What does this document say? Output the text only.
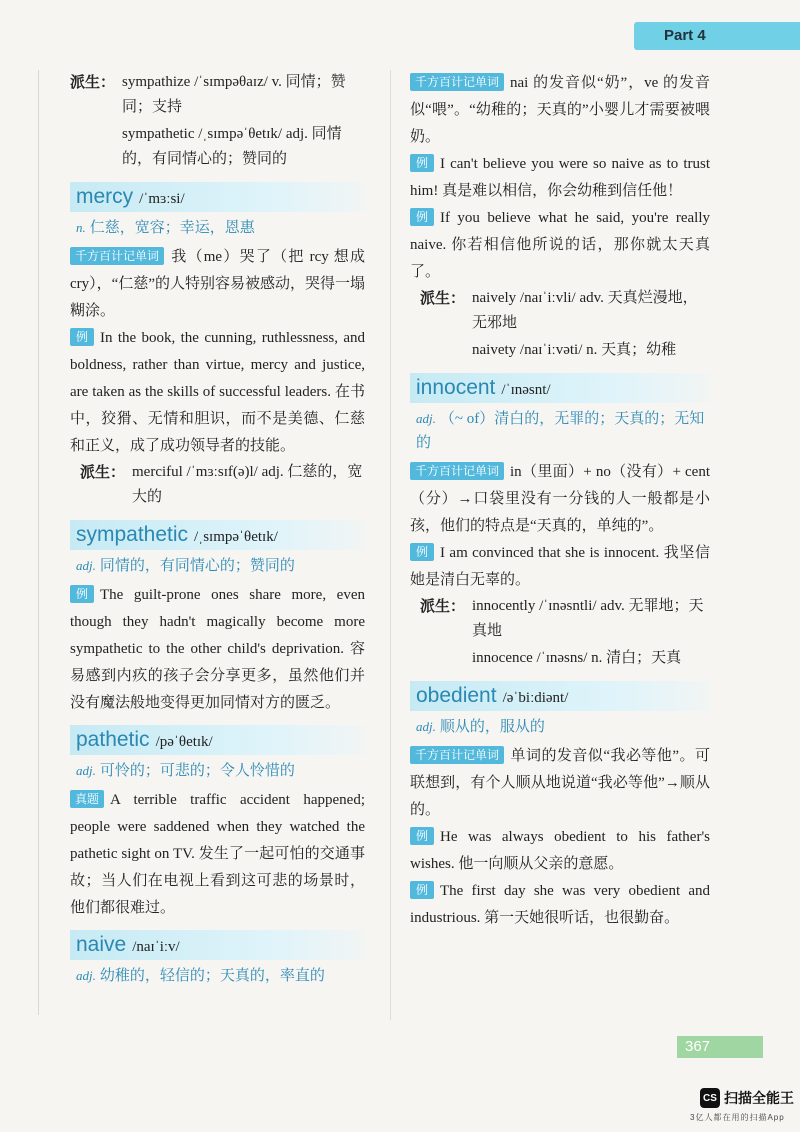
Part 4
派生： sympathize /ˈsɪmpəθaɪz/ v. 同情；赞同；支持
sympathetic /ˌsɪmpəˈθetɪk/ adj. 同情的，有同情心的；赞同的
mercy /ˈmɜːsi/
n. 仁慈，宽容；幸运，恩惠
千方百计记单词 我（me）哭了（把 rcy 想成 cry），“仁慈”的人特别容易被感动，哭得一塌糊涂。
例 In the book, the cunning, ruthlessness, and boldness, rather than virtue, mercy and justice, are taken as the skills of successful leaders. 在书中，狡猾、无情和胆识，而不是美德、仁慈和正义，成了成功领导者的技能。
派生： merciful /ˈmɜːsɪf(ə)l/ adj. 仁慈的，宽大的
sympathetic /ˌsɪmpəˈθetɪk/
adj. 同情的，有同情心的；赞同的
例 The guilt-prone ones share more, even though they hadn't magically become more sympathetic to the other child's deprivation. 容易感到内疚的孩子会分享更多，虽然他们并没有魔法般地变得更加同情对方的匮乏。
pathetic /pəˈθetɪk/
adj. 可怜的；可悲的；令人怜惜的
真题 A terrible traffic accident happened; people were saddened when they watched the pathetic sight on TV. 发生了一起可怕的交通事故；当人们在电视上看到这可悲的场景时，他们都很难过。
naive /naɪˈiːv/
adj. 幼稚的，轻信的；天真的，率直的
千方百计记单词 nai 的发音似“奶”，ve 的发音似“喂”。“幼稚的；天真的”小婴儿才需要被喂奶。
例 I can't believe you were so naive as to trust him! 真是难以相信，你会幼稚到信任他！
例 If you believe what he said, you're really naive. 你若相信他所说的话，那你就太天真了。
派生： naively /naɪˈiːvli/ adv. 天真烂漫地，无邪地
naivety /naɪˈiːvəti/ n. 天真；幼稚
innocent /ˈɪnəsnt/
adj. （~ of）清白的，无罪的；天真的；无知的
千方百计记单词 in（里面）+ no（没有）+ cent（分）→口袋里没有一分钱的人一般都是小孩，他们的特点是“天真的，单纯的”。
例 I am convinced that she is innocent. 我坚信她是清白无辜的。
派生： innocently /ˈɪnəsntli/ adv. 无罪地；天真地
innocence /ˈɪnəsns/ n. 清白；天真
obedient /əˈbiːdiənt/
adj. 顺从的，服从的
千方百计记单词 单词的发音似“我必等他”。可联想到，有个人顺从地说道“我必等他”→顺从的。
例 He was always obedient to his father's wishes. 他一向顺从父亲的意愿。
例 The first day she was very obedient and industrious. 第一天她很听话，也很勤奋。
367
CS 扫描全能王
3亿人都在用的扫描App
